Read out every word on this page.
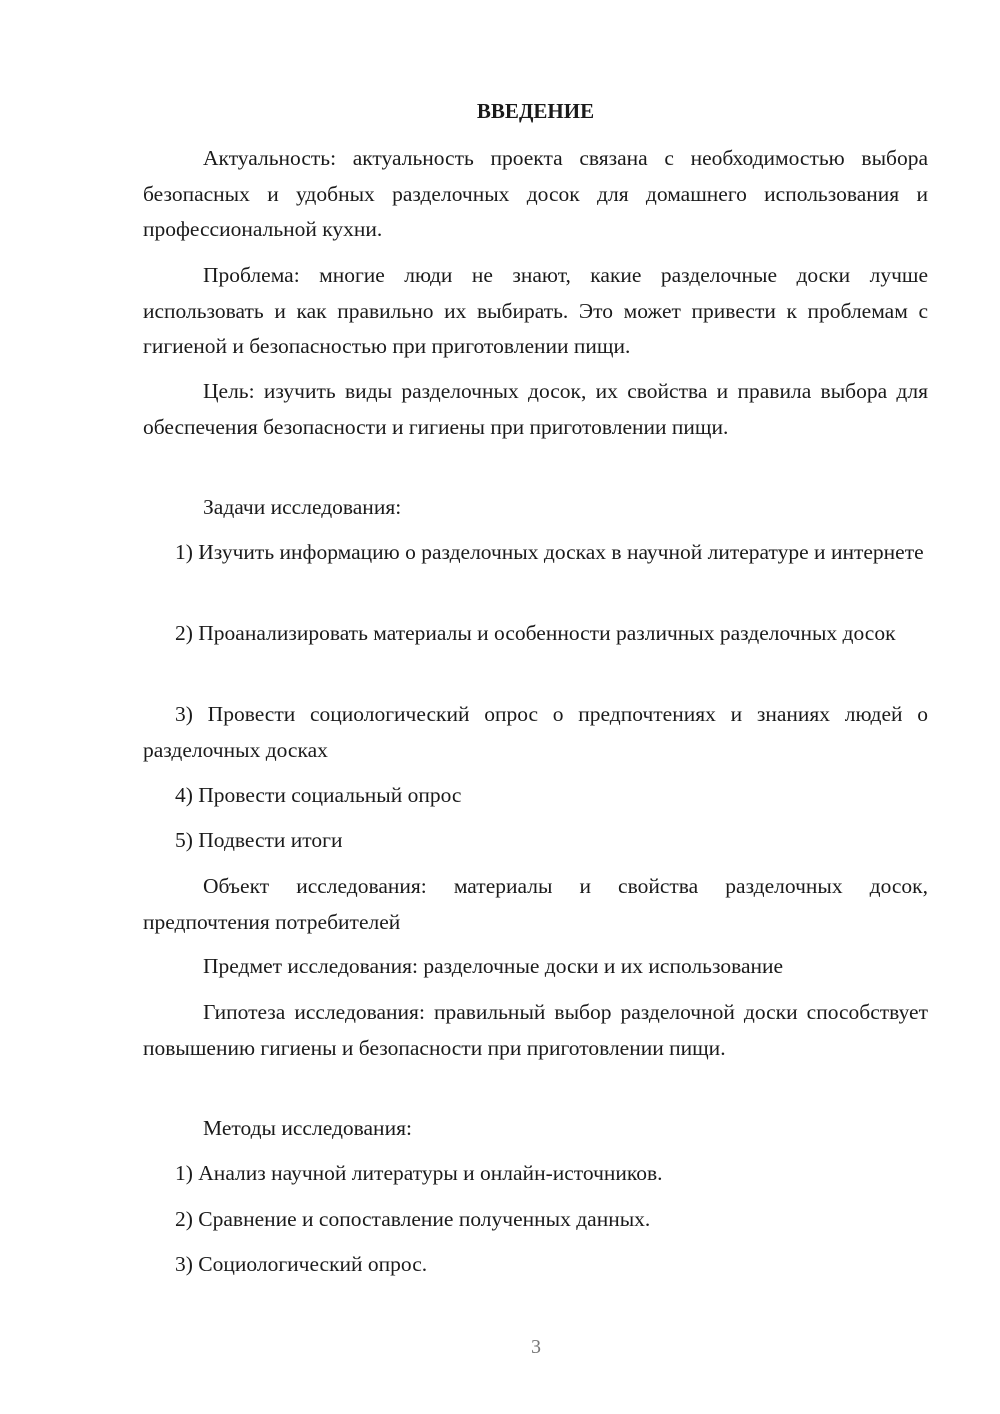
ВВЕДЕНИЕ

Актуальность: актуальность проекта связана с необходимостью выбора безопасных и удобных разделочных досок для домашнего использования и профессиональной кухни.

Проблема: многие люди не знают, какие разделочные доски лучше использовать и как правильно их выбирать. Это может привести к проблемам с гигиеной и безопасностью при приготовлении пищи.

Цель: изучить виды разделочных досок, их свойства и правила выбора для обеспечения безопасности и гигиены при приготовлении пищи.

Задачи исследования:

1) Изучить информацию о разделочных досках в научной литературе и интернете

2) Проанализировать материалы и особенности различных разделочных досок

3) Провести социологический опрос о предпочтениях и знаниях людей о разделочных досках

4) Провести социальный опрос

5) Подвести итоги

Объект исследования: материалы и свойства разделочных досок, предпочтения потребителей

Предмет исследования: разделочные доски и их использование

Гипотеза исследования: правильный выбор разделочной доски способствует повышению гигиены и безопасности при приготовлении пищи.

Методы исследования:

1) Анализ научной литературы и онлайн-источников.

2) Сравнение и сопоставление полученных данных.

3) Социологический опрос.

3
